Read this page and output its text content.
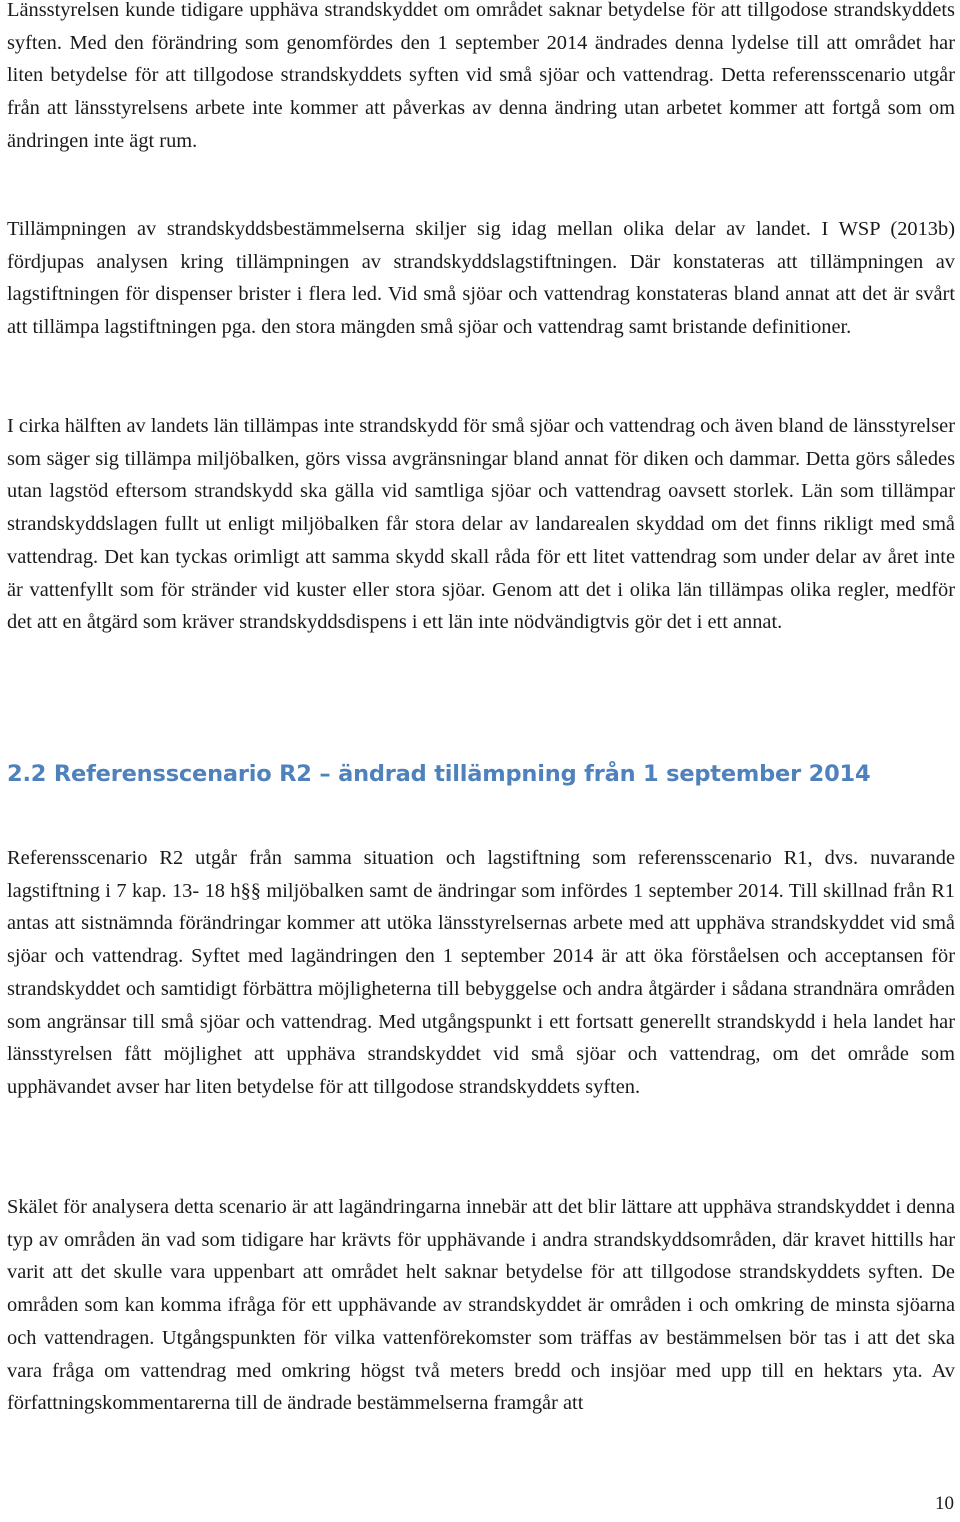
Länsstyrelsen kunde tidigare upphäva strandskyddet om området saknar betydelse för att tillgodose strandskyddets syften. Med den förändring som genomfördes den 1 september 2014 ändrades denna lydelse till att området har liten betydelse för att tillgodose strandskyddets syften vid små sjöar och vattendrag. Detta referensscenario utgår från att länsstyrelsens arbete inte kommer att påverkas av denna ändring utan arbetet kommer att fortgå som om ändringen inte ägt rum.

Tillämpningen av strandskyddsbestämmelserna skiljer sig idag mellan olika delar av landet. I WSP (2013b) fördjupas analysen kring tillämpningen av strandskyddslagstiftningen. Där konstateras att tillämpningen av lagstiftningen för dispenser brister i flera led. Vid små sjöar och vattendrag konstateras bland annat att det är svårt att tillämpa lagstiftningen pga. den stora mängden små sjöar och vattendrag samt bristande definitioner.

I cirka hälften av landets län tillämpas inte strandskydd för små sjöar och vattendrag och även bland de länsstyrelser som säger sig tillämpa miljöbalken, görs vissa avgränsningar bland annat för diken och dammar. Detta görs således utan lagstöd eftersom strandskydd ska gälla vid samtliga sjöar och vattendrag oavsett storlek. Län som tillämpar strandskyddslagen fullt ut enligt miljöbalken får stora delar av landarealen skyddad om det finns rikligt med små vattendrag. Det kan tyckas orimligt att samma skydd skall råda för ett litet vattendrag som under delar av året inte är vattenfyllt som för stränder vid kuster eller stora sjöar. Genom att det i olika län tillämpas olika regler, medför det att en åtgärd som kräver strandskyddsdispens i ett län inte nödvändigtvis gör det i ett annat.

2.2 Referensscenario R2 – ändrad tillämpning från 1 september 2014

Referensscenario R2 utgår från samma situation och lagstiftning som referensscenario R1, dvs. nuvarande lagstiftning i 7 kap. 13- 18 h§§ miljöbalken samt de ändringar som infördes 1 september 2014. Till skillnad från R1 antas att sistnämnda förändringar kommer att utöka länsstyrelsernas arbete med att upphäva strandskyddet vid små sjöar och vattendrag. Syftet med lagändringen den 1 september 2014 är att öka förståelsen och acceptansen för strandskyddet och samtidigt förbättra möjligheterna till bebyggelse och andra åtgärder i sådana strandnära områden som angränsar till små sjöar och vattendrag. Med utgångspunkt i ett fortsatt generellt strandskydd i hela landet har länsstyrelsen fått möjlighet att upphäva strandskyddet vid små sjöar och vattendrag, om det område som upphävandet avser har liten betydelse för att tillgodose strandskyddets syften.

Skälet för analysera detta scenario är att lagändringarna innebär att det blir lättare att upphäva strandskyddet i denna typ av områden än vad som tidigare har krävts för upphävande i andra strandskyddsområden, där kravet hittills har varit att det skulle vara uppenbart att området helt saknar betydelse för att tillgodose strandskyddets syften. De områden som kan komma ifråga för ett upphävande av strandskyddet är områden i och omkring de minsta sjöarna och vattendragen. Utgångspunkten för vilka vattenförekomster som träffas av bestämmelsen bör tas i att det ska vara fråga om vattendrag med omkring högst två meters bredd och insjöar med upp till en hektars yta. Av författningskommentarerna till de ändrade bestämmelserna framgår att

10
